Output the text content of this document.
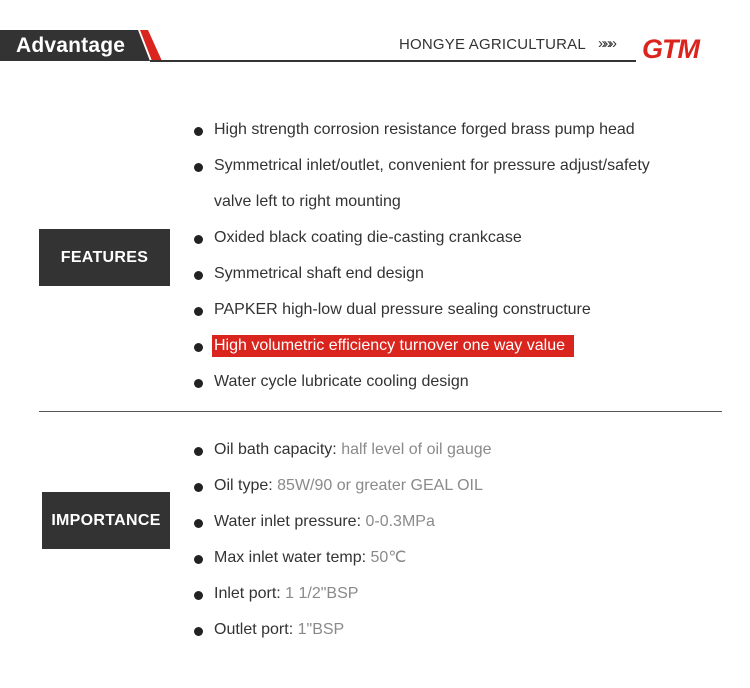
Advantage	HONGYE AGRICULTURAL »»» GTM
FEATURES
High strength corrosion resistance forged brass pump head
Symmetrical inlet/outlet, convenient for pressure adjust/safety
valve left to right mounting
Oxided black coating die-casting crankcase
Symmetrical shaft end design
PAPKER high-low dual pressure sealing constructure
High volumetric efficiency turnover one way value
Water cycle lubricate cooling design
IMPORTANCE
Oil bath capacity: half level of oil gauge
Oil type: 85W/90 or greater GEAL OIL
Water inlet pressure: 0-0.3MPa
Max inlet water temp: 50℃
Inlet port: 1 1/2"BSP
Outlet port: 1"BSP
